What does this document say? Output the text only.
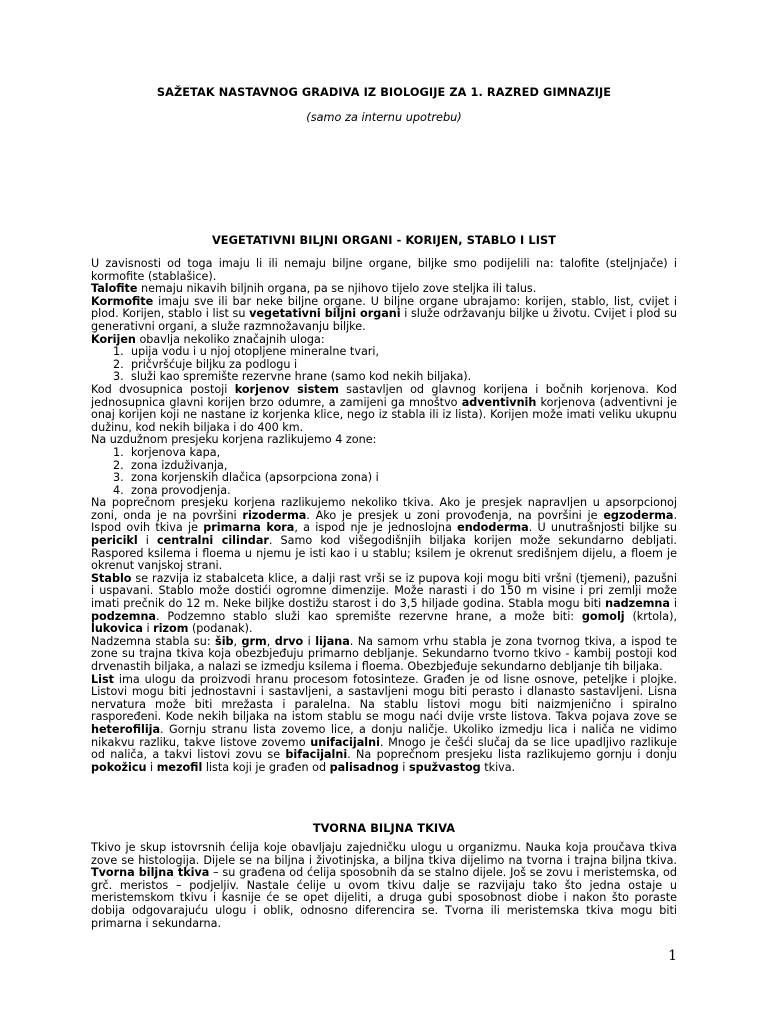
SAŽETAK NASTAVNOG GRADIVA IZ BIOLOGIJE ZA 1. RAZRED GIMNAZIJE

(samo za internu upotrebu)

VEGETATIVNI BILJNI ORGANI - KORIJEN, STABLO I LIST

U zavisnosti od toga imaju li ili nemaju biljne organe, biljke smo podijelili na: talofite (steljnjače) i kormofite (stablašice).

Talofite nemaju nikavih biljnih organa, pa se njihovo tijelo zove steljka ili talus.

Kormofite imaju sve ili bar neke biljne organe. U biljne organe ubrajamo: korijen, stablo, list, cvijet i plod. Korijen, stablo i list su vegetativni biljni organi i služe održavanju biljke u životu. Cvijet i plod su generativni organi, a služe razmnožavanju biljke.

Korijen obavlja nekoliko značajnih uloga:

1. upija vodu i u njoj otopljene mineralne tvari,
2. pričvršćuje biljku za podlogu i
3. služi kao spremište rezervne hrane (samo kod nekih biljaka).

Kod dvosupnica postoji korjenov sistem sastavljen od glavnog korijena i bočnih korjenova. Kod jednosupnica glavni korijen brzo odumre, a zamijeni ga mnoštvo adventivnih korjenova (adventivni je onaj korijen koji ne nastane iz korjenka klice, nego iz stabla ili iz lista). Korijen može imati veliku ukupnu dužinu, kod nekih biljaka i do 400 km.

Na uzdužnom presjeku korjena razlikujemo 4 zone:

1. korjenova kapa,
2. zona izduživanja,
3. zona korjenskih dlačica (apsorpciona zona) i
4. zona provodjenja.

Na poprečnom presjeku korjena razlikujemo nekoliko tkiva. Ako je presjek napravljen u apsorpcionoj zoni, onda je na površini rizoderma. Ako je presjek u zoni provođenja, na površini je egzoderma. Ispod ovih tkiva je primarna kora, a ispod nje je jednoslojna endoderma. U unutrašnjosti biljke su pericikl i centralni cilindar. Samo kod višegodišnjih biljaka korijen može sekundarno debljati. Raspored ksilema i floema u njemu je isti kao i u stablu; ksilem je okrenut središnjem dijelu, a floem je okrenut vanjskoj strani.

Stablo se razvija iz stabalceta klice, a dalji rast vrši se iz pupova koji mogu biti vršni (tjemeni), pazušni i uspavani. Stablo može dostići ogromne dimenzije. Može narasti i do 150 m visine i pri zemlji može imati prečnik do 12 m. Neke biljke dostižu starost i do 3,5 hiljade godina. Stabla mogu biti nadzemna i podzemna. Podzemno stablo služi kao spremište rezervne hrane, a može biti: gomolj (krtola), lukovica i rizom (podanak).

Nadzemna stabla su: šib, grm, drvo i lijana. Na samom vrhu stabla je zona tvornog tkiva, a ispod te zone su trajna tkiva koja obezbjeđuju primarno debljanje. Sekundarno tvorno tkivo - kambij postoji kod drvenastih biljaka, a nalazi se izmedju ksilema i floema. Obezbjeđuje sekundarno debljanje tih biljaka.

List ima ulogu da proizvodi hranu procesom fotosinteze. Građen je od lisne osnove, peteljke i plojke. Listovi mogu biti jednostavni i sastavljeni, a sastavljeni mogu biti perasto i dlanasto sastavljeni. Lisna nervatura može biti mrežasta i paralelna. Na stablu listovi mogu biti naizmjenično i spiralno raspoređeni. Kode nekih biljaka na istom stablu se mogu naći dvije vrste listova. Takva pojava zove se heterofilija. Gornju stranu lista zovemo lice, a donju naličje. Ukoliko izmedju lica i naliča ne vidimo nikakvu razliku, takve listove zovemo unifacijalni. Mnogo je češći slučaj da se lice upadljivo razlikuje od naliča, a takvi listovi zovu se bifacijalni. Na poprečnom presjeku lista razlikujemo gornju i donju pokožicu i mezofil lista koji je građen od palisadnog i spužvastog tkiva.

TVORNA BILJNA TKIVA

Tkivo je skup istovrsnih ćelija koje obavljaju zajedničku ulogu u organizmu. Nauka koja proučava tkiva zove se histologija. Dijele se na biljna i životinjska, a biljna tkiva dijelimo na tvorna i trajna biljna tkiva. Tvorna biljna tkiva – su građena od ćelija sposobnih da se stalno dijele. Još se zovu i meristemska, od grč. meristos – podjeljiv. Nastale ćelije u ovom tkivu dalje se razvijaju tako što jedna ostaje u meristemskom tkivu i kasnije će se opet dijeliti, a druga gubi sposobnost diobe i nakon što poraste dobija odgovarajuću ulogu i oblik, odnosno diferencira se. Tvorna ili meristemska tkiva mogu biti primarna i sekundarna.

1
